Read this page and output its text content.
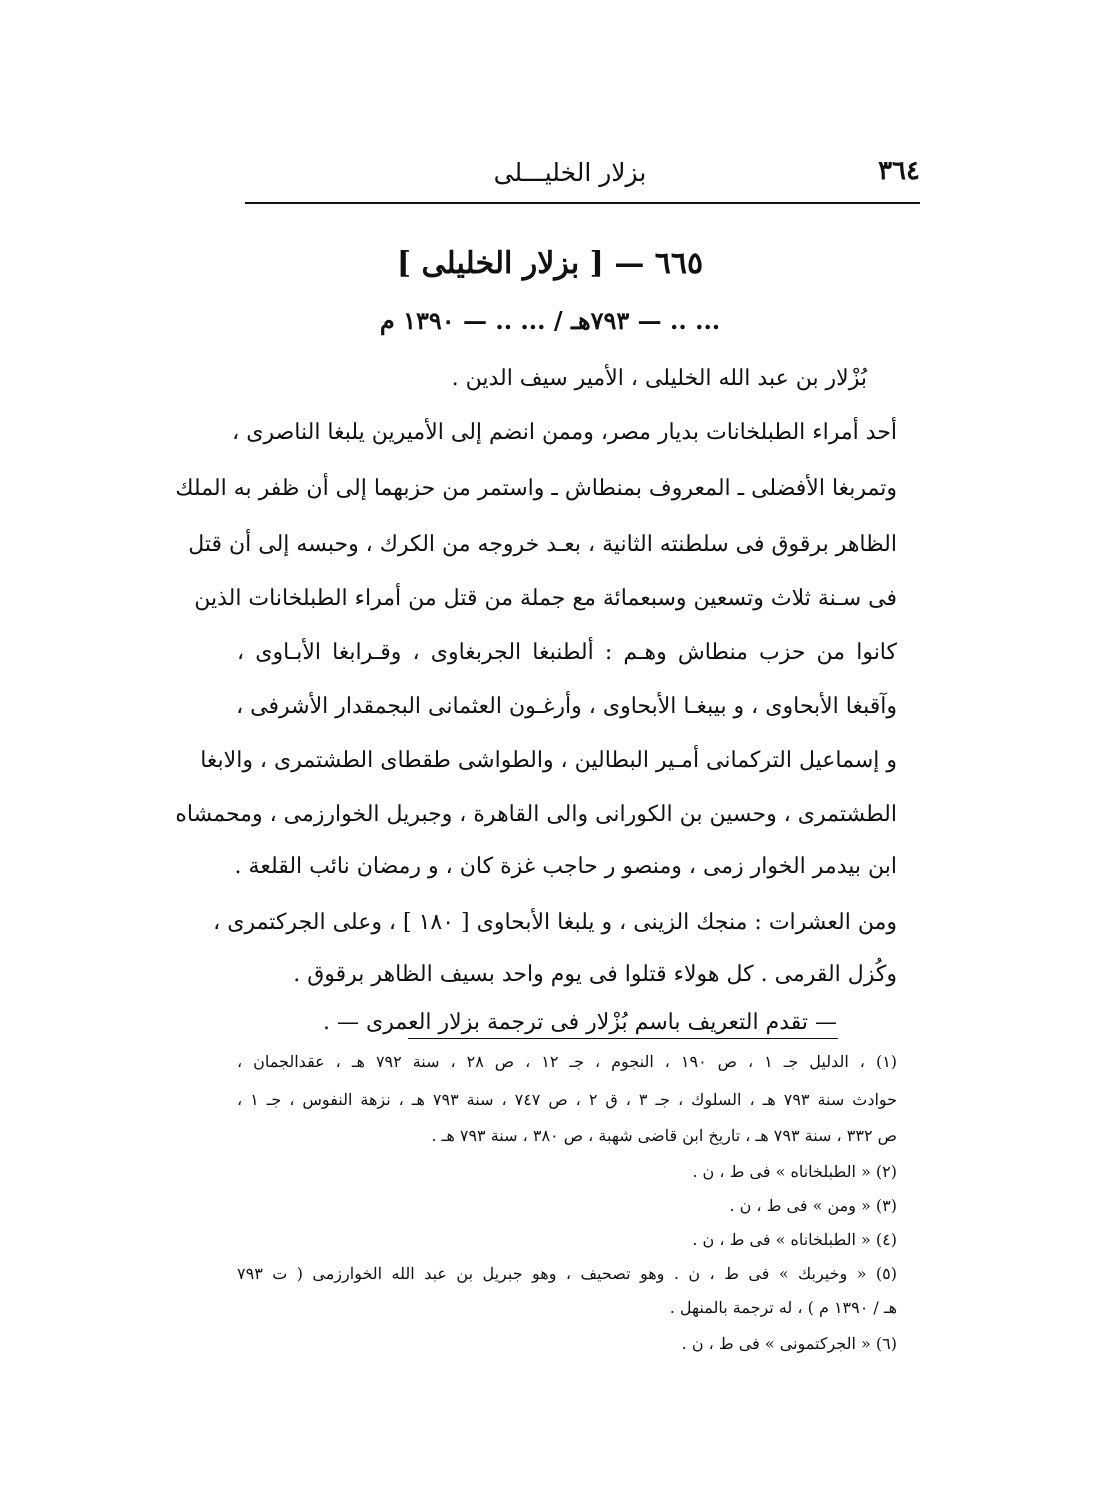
٣٦٤
بزلار الخليـــلى
٦٦٥ — [ بزلار الخليلى ]
... .. — ٧٩٣هـ / ... .. — ١٣٩٠ م
بُزْلار بن عبد الله الخليلى ، الأمير سيف الدين .
أحد أمراء الطبلخانات بديار مصر، وممن انضم إلى الأميرين يلبغا الناصرى ،
وتمربغا الأفضلى ـ المعروف بمنطاش ـ واستمر من حزبهما إلى أن ظفر به الملك
الظاهر برقوق فى سلطنته الثانية ، بعـد خروجه من الكرك ، وحبسه إلى أن قتل
فى سـنة ثلاث وتسعين وسبعمائة مع جملة من قتل من أمراء الطبلخانات الذين
كانوا من حزب منطاش وهـم : ألطنبغا الجربغاوى ، وقـرابغا الأبـاوى ،
وآقبغا الأبحاوى ، و بيبغـا الأبحاوى ، وأرغـون العثمانى البجمقدار الأشرفى ،
و إسماعيل التركمانى أمـير البطالين ، والطواشى طقطاى الطشتمرى ، والابغا
الطشتمرى ، وحسين بن الكورانى والى القاهرة ، وجبريل الخوارزمى ، ومحمشاه
ابن بيدمر الخوار زمى ، ومنصو ر حاجب غزة كان ، و رمضان نائب القلعة .
ومن العشرات : منجك الزينى ، و يلبغا الأبحاوى [ ١٨٠ ] ، وعلى الجركتمرى ،
وكُزل القرمى . كل هولاء قتلوا فى يوم واحد بسيف الظاهر برقوق .
— تقدم التعريف باسم بُزْلار فى ترجمة بزلار العمرى — .
(١) ، الدليل جـ ١ ، ص ١٩٠ ، النجوم ، جـ ١٢ ، ص ٢٨ ، سنة ٧٩٢ هـ ، عقدالجمان ،
حوادث سنة ٧٩٣ هـ ، السلوك ، جـ ٣ ، ق ٢ ، ص ٧٤٧ ، سنة ٧٩٣ هـ ، نزهة النفوس ، جـ ١ ،
ص ٣٣٢ ، سنة ٧٩٣ هـ ، تاريخ ابن قاضى شهبة ، ص ٣٨٠ ، سنة ٧٩٣ هـ .
(٢) « الطبلخاناه » فى ط ، ن .
(٣) « ومن » فى ط ، ن .
(٤) « الطبلخاناه » فى ط ، ن .
(٥) « وخيربك » فى ط ، ن . وهو تصحيف ، وهو جبريل بن عبد الله الخوارزمى ( ت ٧٩٣
هـ / ١٣٩٠ م ) ، له ترجمة بالمنهل .
(٦) « الجركتمونى » فى ط ، ن .
